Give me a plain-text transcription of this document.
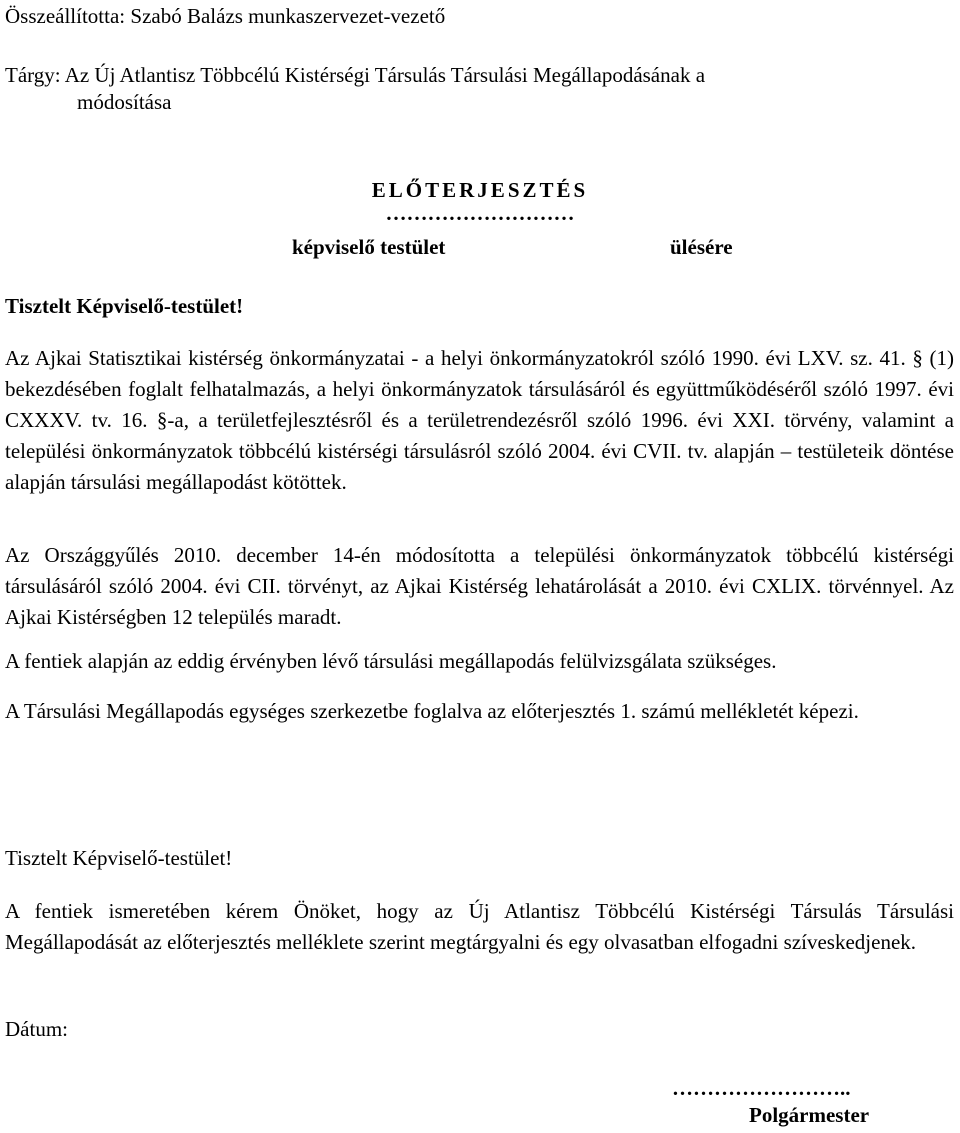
Összeállította: Szabó Balázs munkaszervezet-vezető
Tárgy: Az Új Atlantisz Többcélú Kistérségi Társulás Társulási Megállapodásának a
módosítása
ELŐTERJESZTÉS
………………………
képviselő testület	ülésére
Tisztelt Képviselő-testület!
Az Ajkai Statisztikai kistérség önkormányzatai - a helyi önkormányzatokról szóló 1990. évi LXV. sz. 41. § (1) bekezdésében foglalt felhatalmazás, a helyi önkormányzatok társulásáról és együttműködéséről szóló 1997. évi CXXXV. tv. 16. §-a, a területfejlesztésről és a területrendezésről szóló 1996. évi XXI. törvény, valamint a települési önkormányzatok többcélú kistérségi társulásról szóló 2004. évi CVII. tv. alapján – testületeik döntése alapján társulási megállapodást kötöttek.
Az Országgyűlés 2010. december 14-én módosította a települési önkormányzatok többcélú kistérségi társulásáról szóló 2004. évi CII. törvényt, az Ajkai Kistérség lehatárolását a 2010. évi CXLIX. törvénnyel. Az Ajkai Kistérségben 12 település maradt.
A fentiek alapján az eddig érvényben lévő társulási megállapodás felülvizsgálata szükséges.
A Társulási Megállapodás egységes szerkezetbe foglalva az előterjesztés 1. számú mellékletét képezi.
Tisztelt Képviselő-testület!
A fentiek ismeretében kérem Önöket, hogy az Új Atlantisz Többcélú Kistérségi Társulás Társulási Megállapodását az előterjesztés melléklete szerint megtárgyalni és egy olvasatban elfogadni szíveskedjenek.
Dátum:
……………………..
Polgármester
